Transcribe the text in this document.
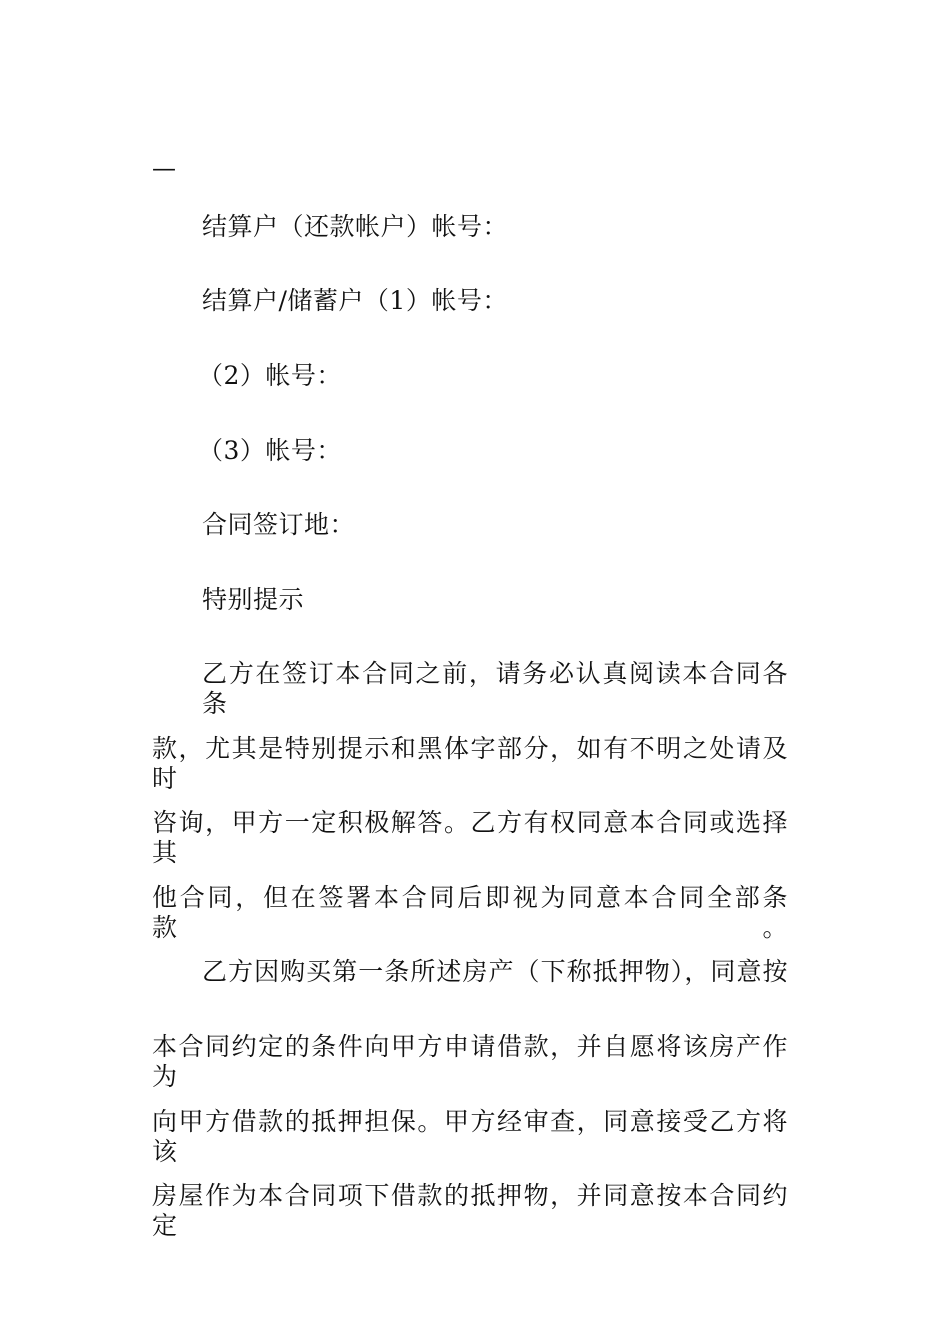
—

结算户（还款帐户）帐号：

结算户/储蓄户（1）帐号：

（2）帐号：

（3）帐号：

合同签订地：

特别提示

乙方在签订本合同之前，请务必认真阅读本合同各条

款，尤其是特别提示和黑体字部分，如有不明之处请及时

咨询，甲方一定积极解答。乙方有权同意本合同或选择其

他合同，但在签署本合同后即视为同意本合同全部条款。

乙方因购买第一条所述房产（下称抵押物），同意按

本合同约定的条件向甲方申请借款，并自愿将该房产作为

向甲方借款的抵押担保。甲方经审查，同意接受乙方将该

房屋作为本合同项下借款的抵押物，并同意按本合同约定
